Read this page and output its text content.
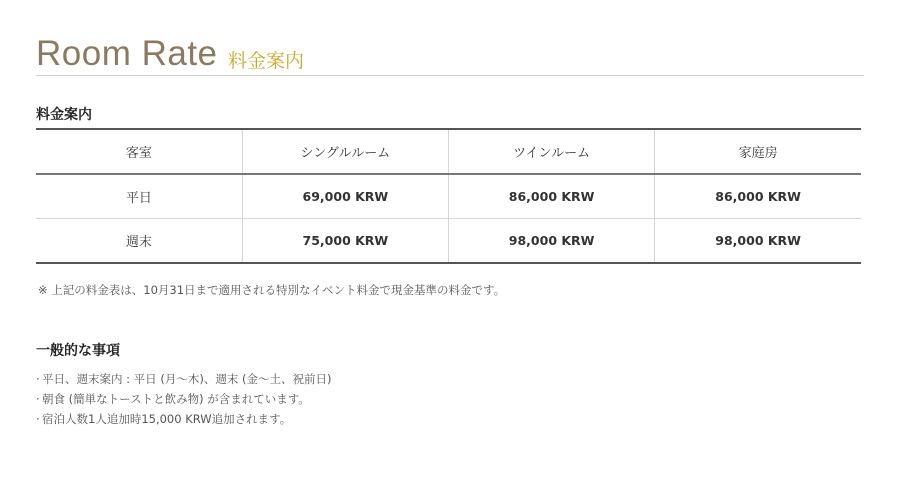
Room Rate 料金案内
料金案内
客室	シングルルーム	ツインルーム	家庭房
平日	69,000 KRW	86,000 KRW	86,000 KRW
週末	75,000 KRW	98,000 KRW	98,000 KRW
※ 上記の料金表は、10月31日まで適用される特別なイベント料金で現金基準の料金です。
一般的な事項
· 平日、週末案内 : 平日 (月～木)、週末 (金～土、祝前日)
· 朝食 (簡単なトーストと飲み物) が含まれています。
· 宿泊人数1人追加時15,000 KRW追加されます。
